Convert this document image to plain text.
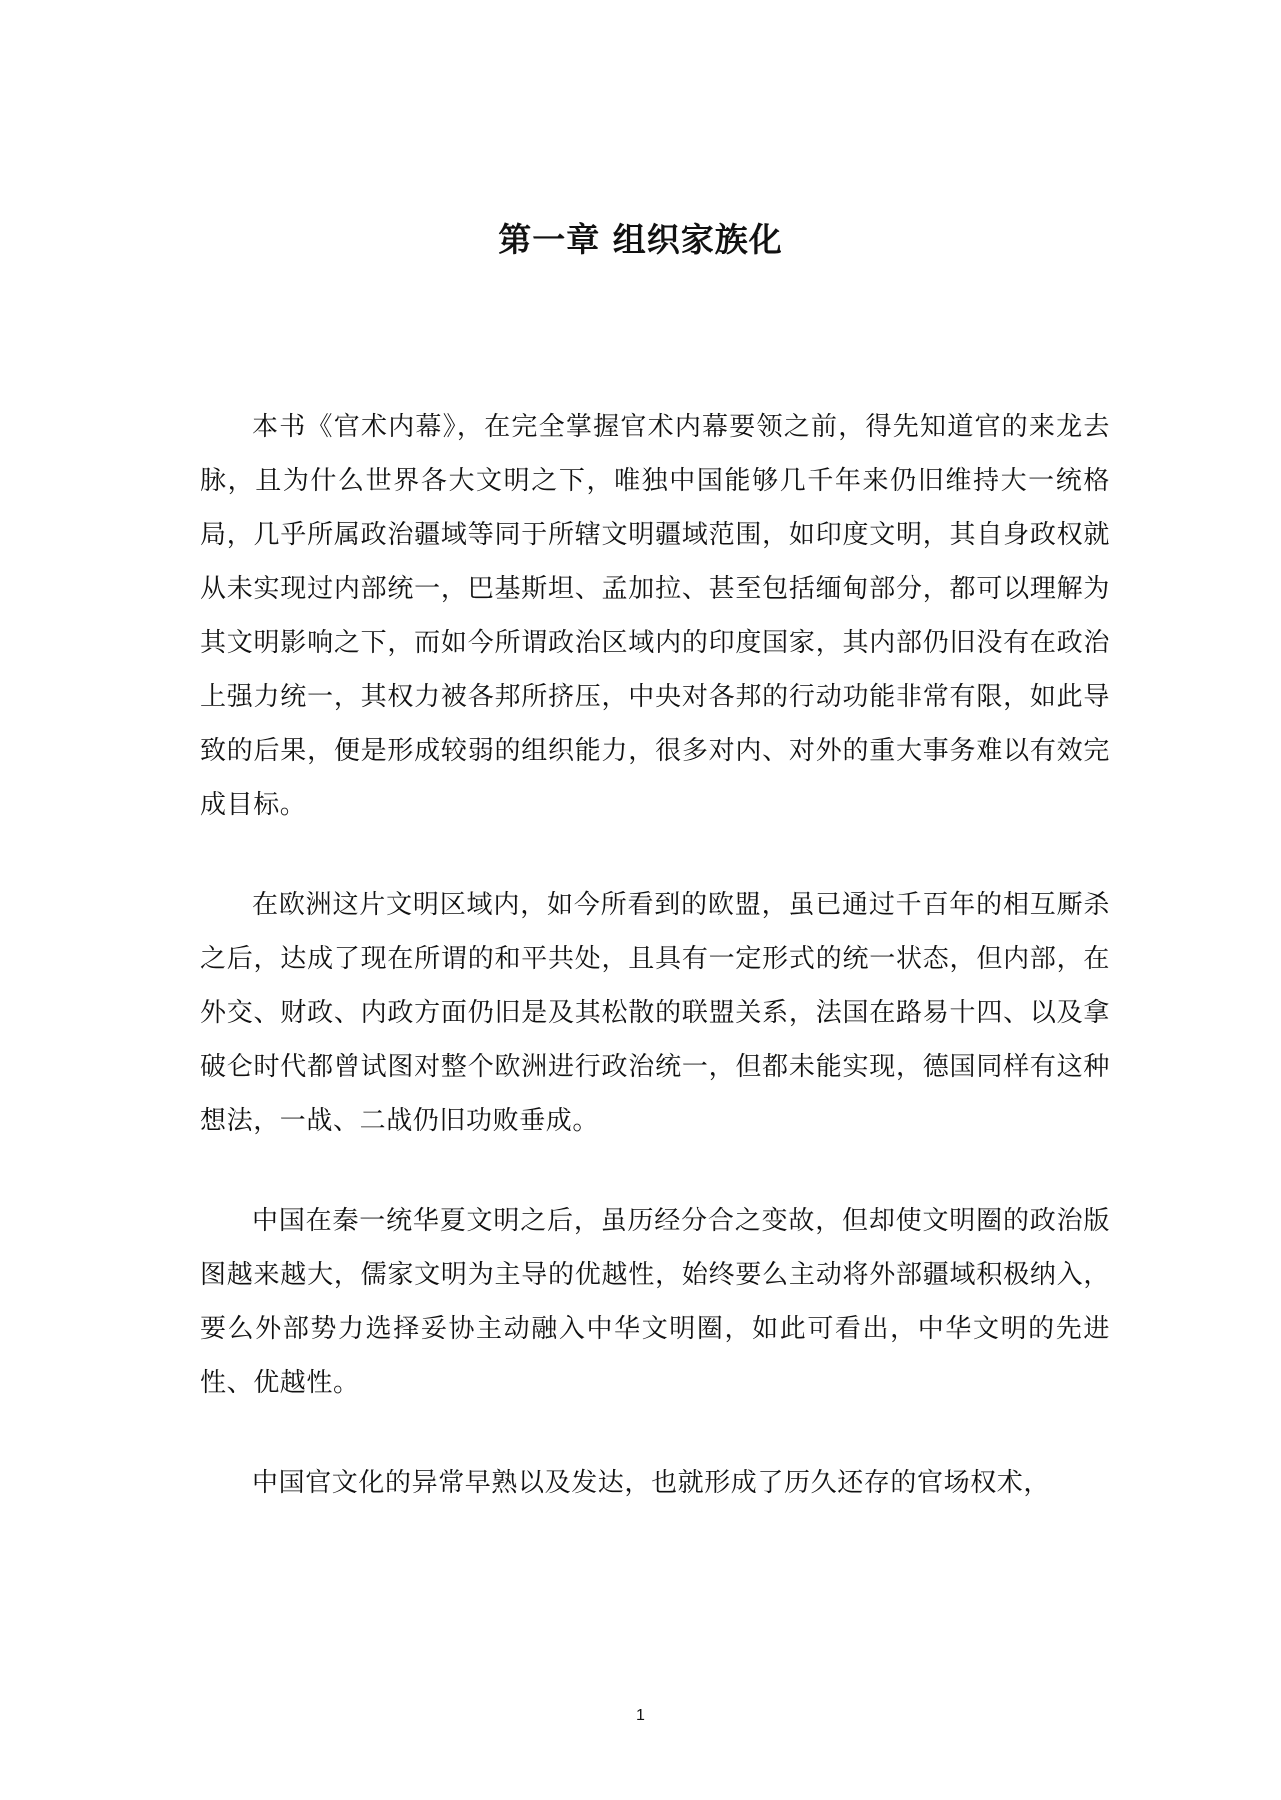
第一章 组织家族化

本书《官术内幕》，在完全掌握官术内幕要领之前，得先知道官的来龙去脉，且为什么世界各大文明之下，唯独中国能够几千年来仍旧维持大一统格局，几乎所属政治疆域等同于所辖文明疆域范围，如印度文明，其自身政权就从未实现过内部统一，巴基斯坦、孟加拉、甚至包括缅甸部分，都可以理解为其文明影响之下，而如今所谓政治区域内的印度国家，其内部仍旧没有在政治上强力统一，其权力被各邦所挤压，中央对各邦的行动功能非常有限，如此导致的后果，便是形成较弱的组织能力，很多对内、对外的重大事务难以有效完成目标。

在欧洲这片文明区域内，如今所看到的欧盟，虽已通过千百年的相互厮杀之后，达成了现在所谓的和平共处，且具有一定形式的统一状态，但内部，在外交、财政、内政方面仍旧是及其松散的联盟关系，法国在路易十四、以及拿破仑时代都曾试图对整个欧洲进行政治统一，但都未能实现，德国同样有这种想法，一战、二战仍旧功败垂成。

中国在秦一统华夏文明之后，虽历经分合之变故，但却使文明圈的政治版图越来越大，儒家文明为主导的优越性，始终要么主动将外部疆域积极纳入，要么外部势力选择妥协主动融入中华文明圈，如此可看出，中华文明的先进性、优越性。

中国官文化的异常早熟以及发达，也就形成了历久还存的官场权术，

1
